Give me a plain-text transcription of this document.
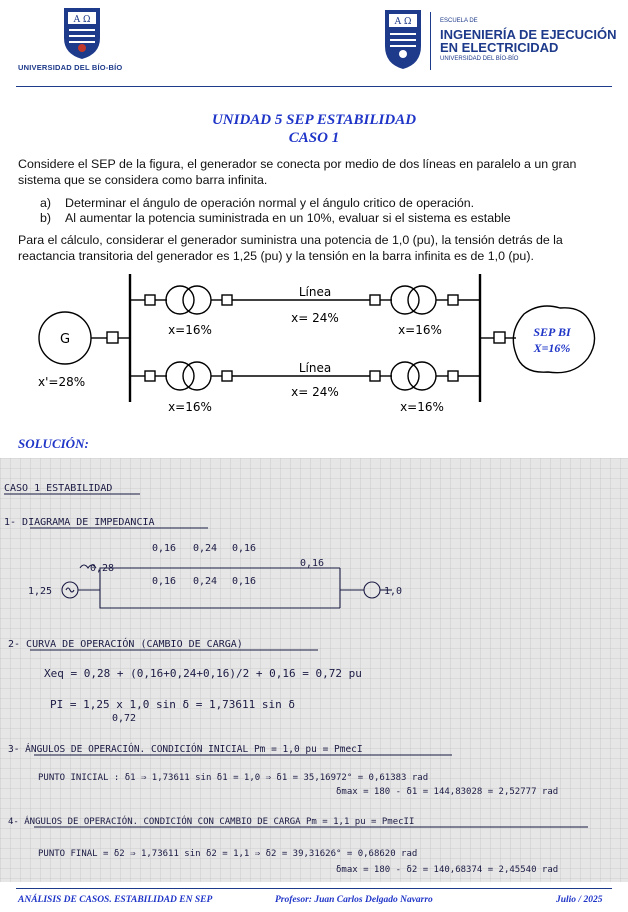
A Ω
UNIVERSIDAD DEL BÍO-BÍO
A Ω	ESCUELA DE
INGENIERÍA DE EJECUCIÓN
EN ELECTRICIDAD
UNIVERSIDAD DEL BÍO-BÍO
UNIDAD 5 SEP ESTABILIDAD
CASO 1
Considere el SEP de la figura, el generador se conecta por medio de dos líneas en paralelo a un gran sistema que se considera como barra infinita.
a) Determinar el ángulo de operación normal y el ángulo critico de operación.
b) Al aumentar la potencia suministrada en un 10%, evaluar si el sistema es estable
Para el cálculo, considerar el generador suministra una potencia de 1,0 (pu), la tensión detrás de la reactancia transitoria del generador es 1,25 (pu) y la tensión en la barra infinita es de 1,0 (pu).
G
x'=28%
Línea
x= 24%
Línea
x= 24%
x=16%	x=16%
x=16%	x=16%
SEP BI
X=16%
SOLUCIÓN:
CASO 1 ESTABILIDAD
1- DIAGRAMA DE IMPEDANCIA
0,16 0,24 0,16
0,28
0,16 0,24 0,16
0,16
1,25	1,0
2- CURVA DE OPERACIÓN (CAMBIO DE CARGA)
Xeq = 0,28 + (0,16+0,24+0,16)/2 + 0,16 = 0,72 pu
PI = 1,25 x 1,0 sin δ = 1,73611 sin δ
0,72
3- ÁNGULOS DE OPERACIÓN. CONDICIÓN INICIAL Pm = 1,0 pu = PmecI
PUNTO INICIAL : δ1 ⇒ 1,73611 sin δ1 = 1,0 ⇒ δ1 = 35,16972° = 0,61383 rad
δmax = 180 - δ1 = 144,83028 = 2,52777 rad
4- ÁNGULOS DE OPERACIÓN. CONDICIÓN CON CAMBIO DE CARGA Pm = 1,1 pu = PmecII
PUNTO FINAL = δ2 ⇒ 1,73611 sin δ2 = 1,1 ⇒ δ2 = 39,31626° = 0,68620 rad
δmax = 180 - δ2 = 140,68374 = 2,45540 rad
ANÁLISIS DE CASOS. ESTABILIDAD EN SEP	Profesor: Juan Carlos Delgado Navarro	Julio / 2025
